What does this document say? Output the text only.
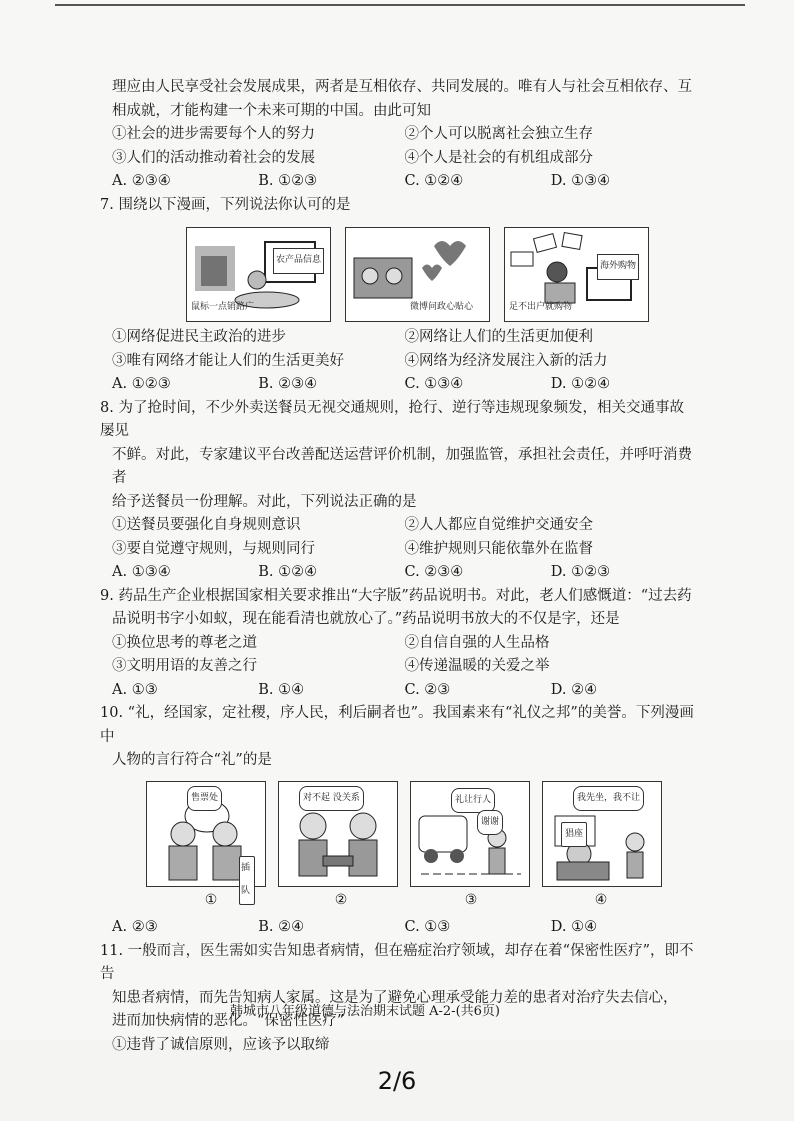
理应由人民享受社会发展成果，两者是互相依存、共同发展的。唯有人与社会互相依存、互

相成就，才能构建一个未来可期的中国。由此可知

①社会的进步需要每个人的努力	②个人可以脱离社会独立生存
③人们的活动推动着社会的发展	④个人是社会的有机组成部分
A. ②③④	B. ①②③	C. ①②④	D. ①③④

7. 围绕以下漫画，下列说法你认可的是

农产品信息
鼠标一点销路广	微博问政心贴心
海外购物
足不出户就购物
①网络促进民主政治的进步	②网络让人们的生活更加便利
③唯有网络才能让人们的生活更美好	④网络为经济发展注入新的活力
A. ①②③	B. ②③④	C. ①③④	D. ①②④

8. 为了抢时间，不少外卖送餐员无视交通规则，抢行、逆行等违规现象频发，相关交通事故屡见

不鲜。对此，专家建议平台改善配送运营评价机制，加强监管，承担社会责任，并呼吁消费者

给予送餐员一份理解。对此，下列说法正确的是

①送餐员要强化自身规则意识	②人人都应自觉维护交通安全
③要自觉遵守规则，与规则同行	④维护规则只能依靠外在监督
A. ①③④	B. ①②④	C. ②③④	D. ①②③

9. 药品生产企业根据国家相关要求推出“大字版”药品说明书。对此，老人们感慨道：“过去药

品说明书字小如蚁，现在能看清也就放心了。”药品说明书放大的不仅是字，还是

①换位思考的尊老之道	②自信自强的人生品格
③文明用语的友善之行	④传递温暖的关爱之举
A. ①③	B. ①④	C. ②③	D. ②④

10. “礼，经国家，定社稷，序人民，利后嗣者也”。我国素来有“礼仪之邦”的美誉。下列漫画中

人物的言行符合“礼”的是

售票处
插队
对不起 没关系	礼让行人
谢谢
我先坐，我不让
猖座
①	②	③	④
A. ②③	B. ②④	C. ①③	D. ①④

11. 一般而言，医生需如实告知患者病情，但在癌症治疗领域，却存在着“保密性医疗”，即不告

知患者病情，而先告知病人家属。这是为了避免心理承受能力差的患者对治疗失去信心，

进而加快病情的恶化。“保密性医疗”

①违背了诚信原则，应该予以取缔

韩城市八年级道德与法治期末试题 A-2-(共6页)
2/6
